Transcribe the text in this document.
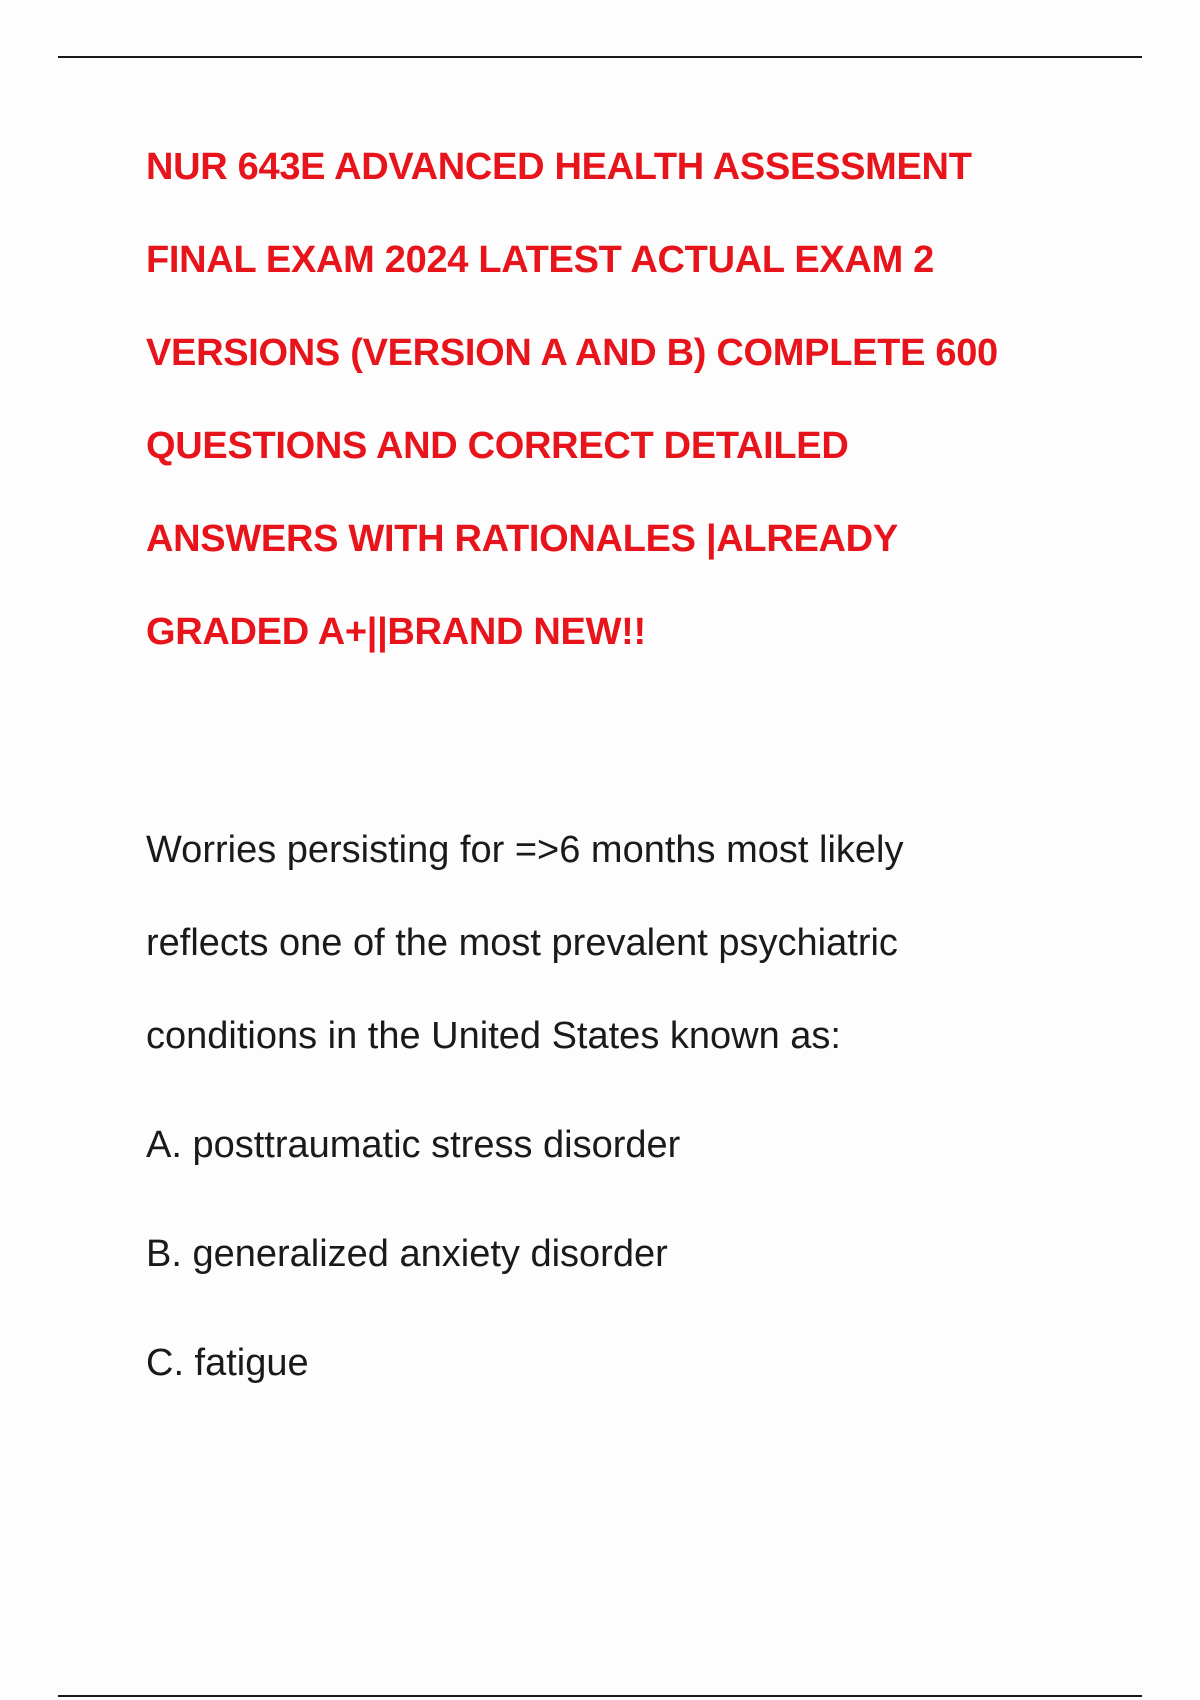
NUR 643E ADVANCED HEALTH ASSESSMENT
FINAL EXAM 2024 LATEST ACTUAL EXAM 2
VERSIONS (VERSION A AND B) COMPLETE 600
QUESTIONS AND CORRECT DETAILED
ANSWERS WITH RATIONALES |ALREADY
GRADED A+||BRAND NEW!!
Worries persisting for =>6 months most likely
reflects one of the most prevalent psychiatric
conditions in the United States known as:
A. posttraumatic stress disorder
B. generalized anxiety disorder
C. fatigue
